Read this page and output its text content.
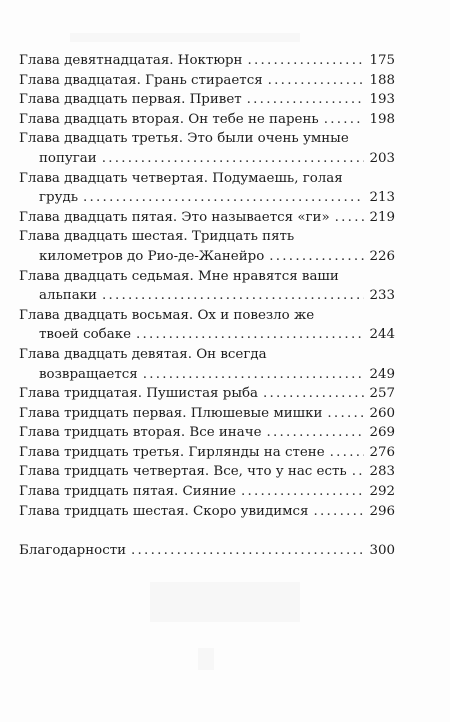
Глава девятнадцатая. Ноктюрн . . .	175
Глава двадцатая. Грань стирается . . .	188
Глава двадцать первая. Привет . . .	193
Глава двадцать вторая. Он тебе не парень . . .	198
Глава двадцать третья. Это были очень умные
попугаи . . .	203
Глава двадцать четвертая. Подумаешь, голая
грудь . . .	213
Глава двадцать пятая. Это называется «ги» . . .	219
Глава двадцать шестая. Тридцать пять
километров до Рио-де-Жанейро . . .	226
Глава двадцать седьмая. Мне нравятся ваши
альпаки . . .	233
Глава двадцать восьмая. Ох и повезло же
твоей собаке . . .	244
Глава двадцать девятая. Он всегда
возвращается . . .	249
Глава тридцатая. Пушистая рыба . . .	257
Глава тридцать первая. Плюшевые мишки . . .	260
Глава тридцать вторая. Все иначе . . .	269
Глава тридцать третья. Гирлянды на стене . . .	276
Глава тридцать четвертая. Все, что у нас есть . . . 283
Глава тридцать пятая. Сияние . . .	292
Глава тридцать шестая. Скоро увидимся . . .	296
Благодарности . . .	300
